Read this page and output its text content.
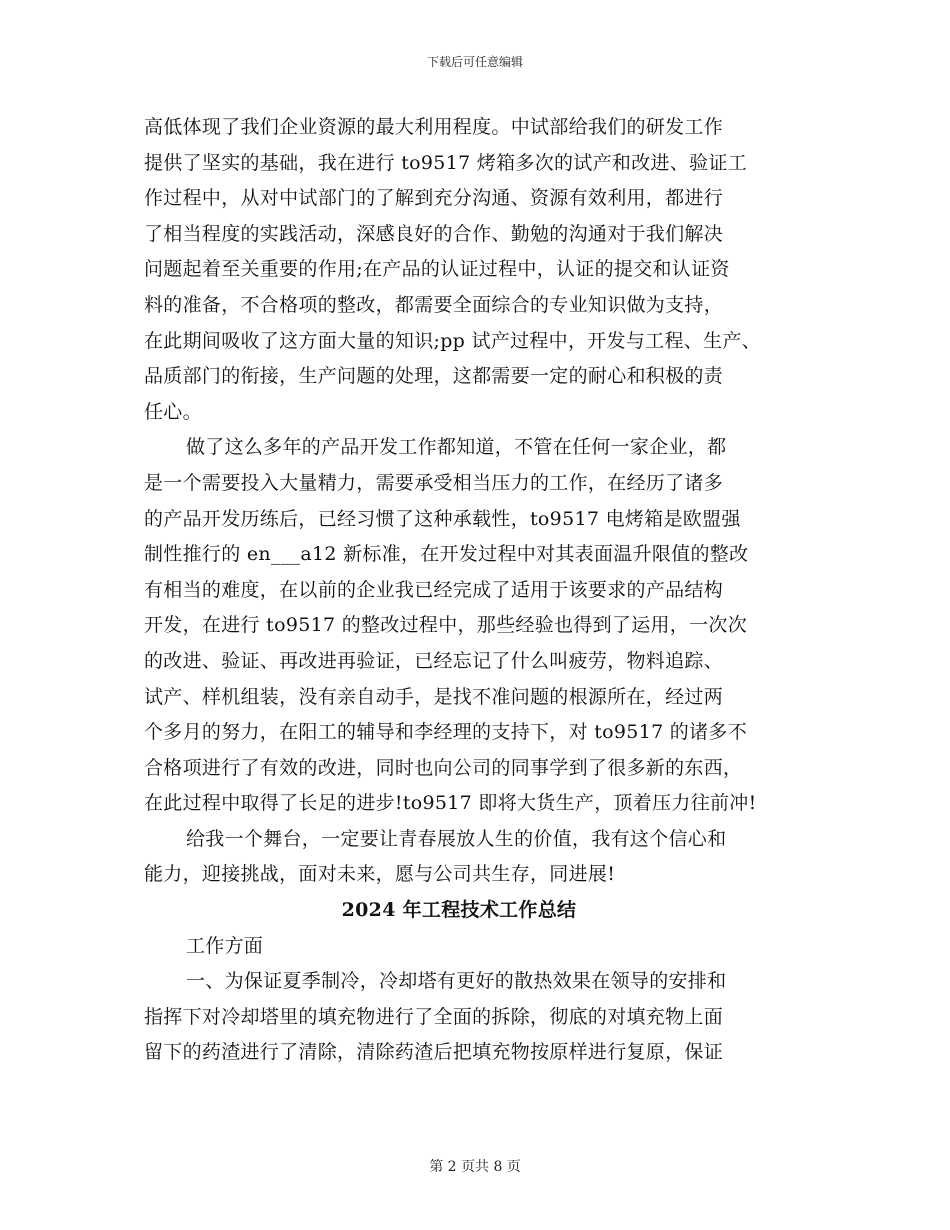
下载后可任意编辑
高低体现了我们企业资源的最大利用程度。中试部给我们的研发工作
提供了坚实的基础，我在进行 to9517 烤箱多次的试产和改进、验证工
作过程中，从对中试部门的了解到充分沟通、资源有效利用，都进行
了相当程度的实践活动，深感良好的合作、勤勉的沟通对于我们解决
问题起着至关重要的作用;在产品的认证过程中，认证的提交和认证资
料的准备，不合格项的整改，都需要全面综合的专业知识做为支持，
在此期间吸收了这方面大量的知识;pp 试产过程中，开发与工程、生产、
品质部门的衔接，生产问题的处理，这都需要一定的耐心和积极的责
任心。
做了这么多年的产品开发工作都知道，不管在任何一家企业，都
是一个需要投入大量精力，需要承受相当压力的工作，在经历了诸多
的产品开发历练后，已经习惯了这种承载性，to9517 电烤箱是欧盟强
制性推行的 en___a12 新标准，在开发过程中对其表面温升限值的整改
有相当的难度，在以前的企业我已经完成了适用于该要求的产品结构
开发，在进行 to9517 的整改过程中，那些经验也得到了运用，一次次
的改进、验证、再改进再验证，已经忘记了什么叫疲劳，物料追踪、
试产、样机组装，没有亲自动手，是找不准问题的根源所在，经过两
个多月的努力，在阳工的辅导和李经理的支持下，对 to9517 的诸多不
合格项进行了有效的改进，同时也向公司的同事学到了很多新的东西，
在此过程中取得了长足的进步!to9517 即将大货生产，顶着压力往前冲!
给我一个舞台，一定要让青春展放人生的价值，我有这个信心和
能力，迎接挑战，面对未来，愿与公司共生存，同进展!
2024 年工程技术工作总结
工作方面
一、为保证夏季制冷，冷却塔有更好的散热效果在领导的安排和
指挥下对冷却塔里的填充物进行了全面的拆除，彻底的对填充物上面
留下的药渣进行了清除，清除药渣后把填充物按原样进行复原，保证
第 2 页共 8 页
